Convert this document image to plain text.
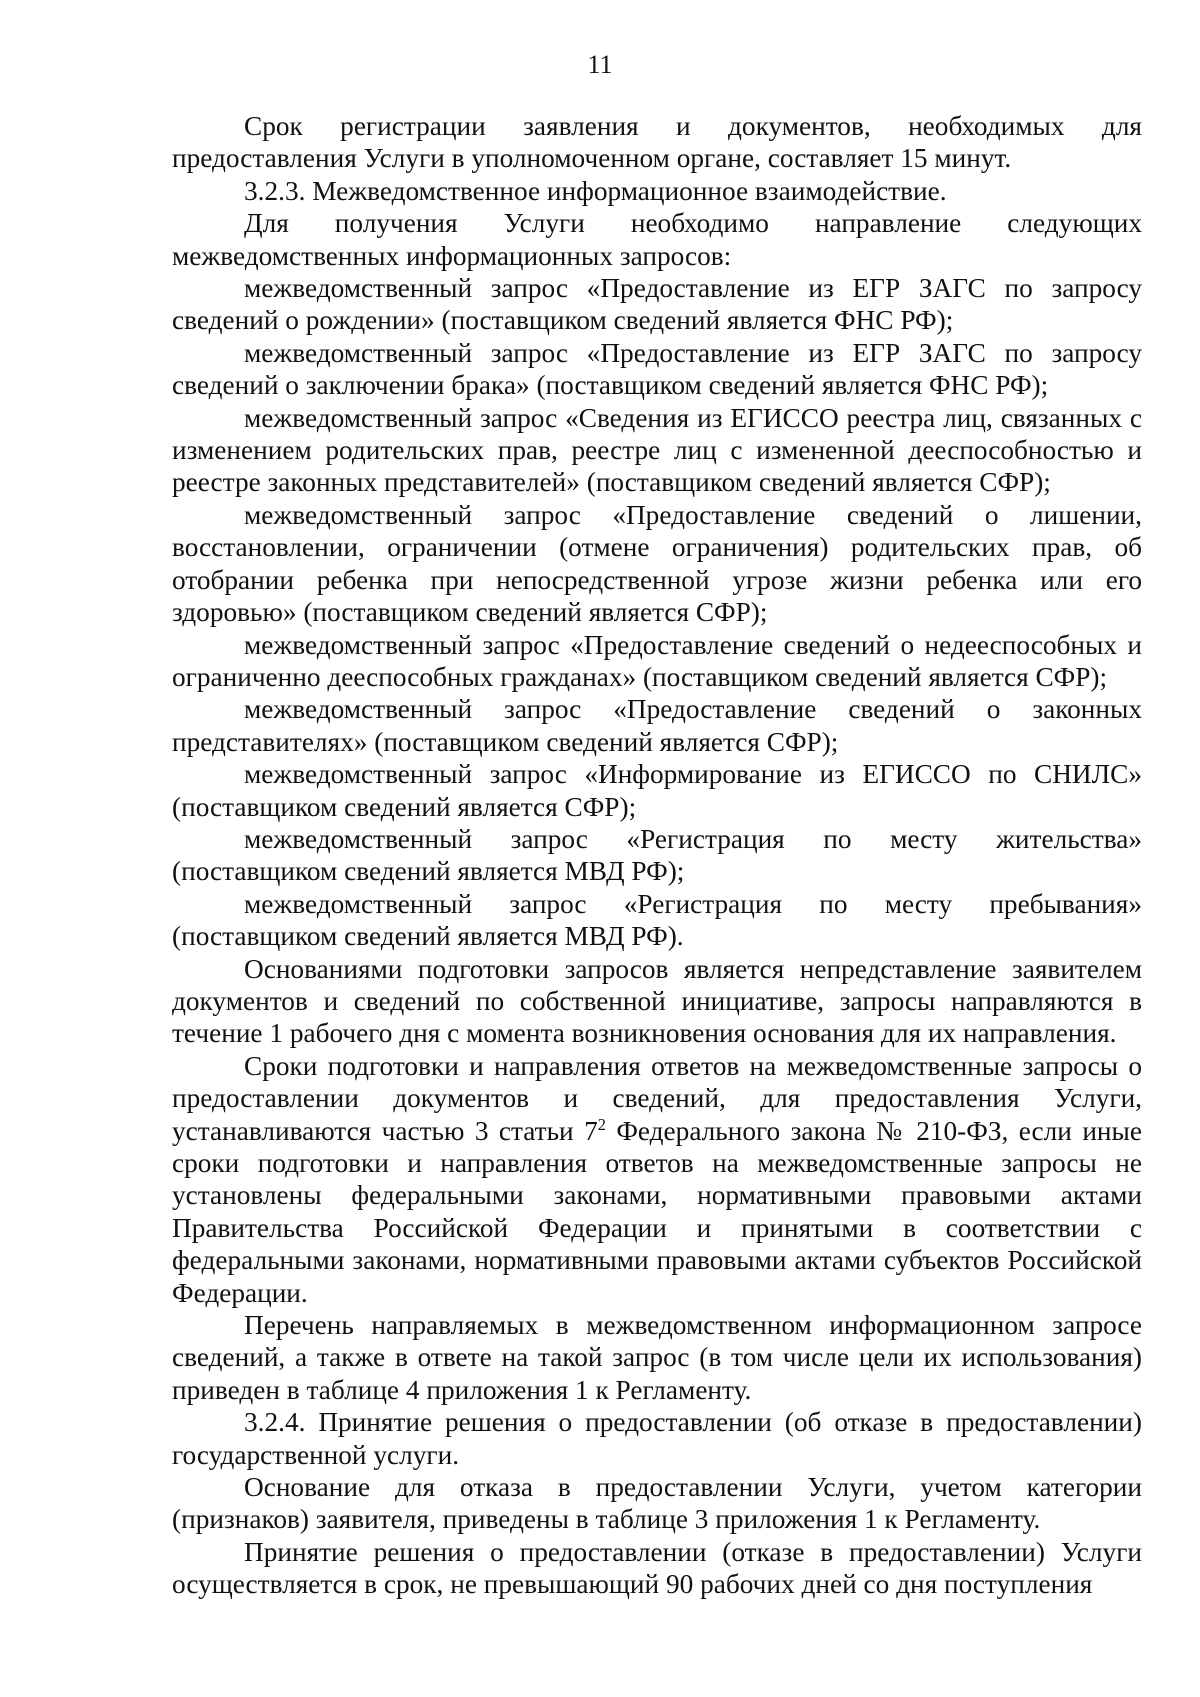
11

Срок регистрации заявления и документов, необходимых для предоставления Услуги в уполномоченном органе, составляет 15 минут.

3.2.3. Межведомственное информационное взаимодействие.

Для получения Услуги необходимо направление следующих межведомственных информационных запросов:

межведомственный запрос «Предоставление из ЕГР ЗАГС по запросу сведений о рождении» (поставщиком сведений является ФНС РФ);

межведомственный запрос «Предоставление из ЕГР ЗАГС по запросу сведений о заключении брака» (поставщиком сведений является ФНС РФ);

межведомственный запрос «Сведения из ЕГИССО реестра лиц, связанных с изменением родительских прав, реестре лиц с измененной дееспособностью и реестре законных представителей» (поставщиком сведений является СФР);

межведомственный запрос «Предоставление сведений о лишении, восстановлении, ограничении (отмене ограничения) родительских прав, об отобрании ребенка при непосредственной угрозе жизни ребенка или его здоровью» (поставщиком сведений является СФР);

межведомственный запрос «Предоставление сведений о недееспособных и ограниченно дееспособных гражданах» (поставщиком сведений является СФР);

межведомственный запрос «Предоставление сведений о законных представителях» (поставщиком сведений является СФР);

межведомственный запрос «Информирование из ЕГИССО по СНИЛС» (поставщиком сведений является СФР);

межведомственный запрос «Регистрация по месту жительства» (поставщиком сведений является МВД РФ);

межведомственный запрос «Регистрация по месту пребывания» (поставщиком сведений является МВД РФ).

Основаниями подготовки запросов является непредставление заявителем документов и сведений по собственной инициативе, запросы направляются в течение 1 рабочего дня с момента возникновения основания для их направления.

Сроки подготовки и направления ответов на межведомственные запросы о предоставлении документов и сведений, для предоставления Услуги, устанавливаются частью 3 статьи $7^2$ Федерального закона № 210-ФЗ, если иные сроки подготовки и направления ответов на межведомственные запросы не установлены федеральными законами, нормативными правовыми актами Правительства Российской Федерации и принятыми в соответствии с федеральными законами, нормативными правовыми актами субъектов Российской Федерации.

Перечень направляемых в межведомственном информационном запросе сведений, а также в ответе на такой запрос (в том числе цели их использования) приведен в таблице 4 приложения 1 к Регламенту.

3.2.4. Принятие решения о предоставлении (об отказе в предоставлении) государственной услуги.

Основание для отказа в предоставлении Услуги, учетом категории (признаков) заявителя, приведены в таблице 3 приложения 1 к Регламенту.

Принятие решения о предоставлении (отказе в предоставлении) Услуги осуществляется в срок, не превышающий 90 рабочих дней со дня поступления
